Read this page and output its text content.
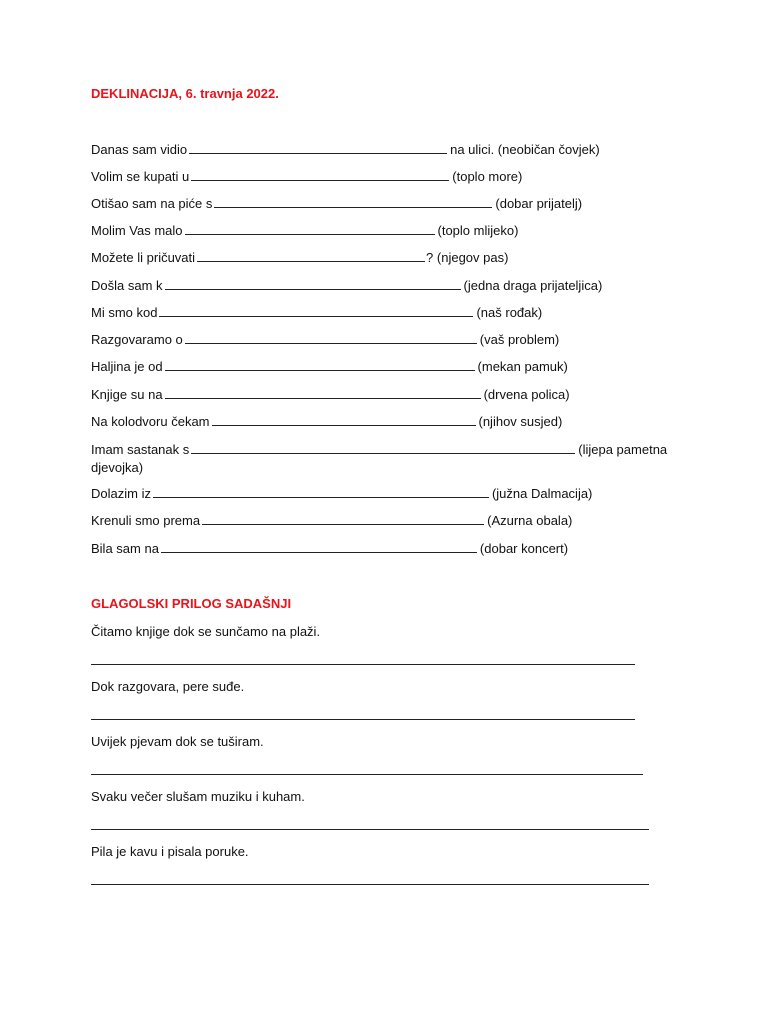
DEKLINACIJA, 6. travnja 2022.
Danas sam vidio	na ulici. (neobičan čovjek)
Volim se kupati u	(toplo more)
Otišao sam na piće s	(dobar prijatelj)
Molim Vas malo	(toplo mlijeko)
Možete li pričuvati	? (njegov pas)
Došla sam k	(jedna draga prijateljica)
Mi smo kod	(naš rođak)
Razgovaramo o	(vaš problem)
Haljina je od	(mekan pamuk)
Knjige su na	(drvena polica)
Na kolodvoru čekam	(njihov susjed)
Imam sastanak s	(lijepa pametna djevojka)
Dolazim iz	(južna Dalmacija)
Krenuli smo prema	(Azurna obala)
Bila sam na	(dobar koncert)
GLAGOLSKI PRILOG SADAŠNJI
Čitamo knjige dok se sunčamo na plaži.
Dok razgovara, pere suđe.
Uvijek pjevam dok se tuširam.
Svaku večer slušam muziku i kuham.
Pila je kavu i pisala poruke.
